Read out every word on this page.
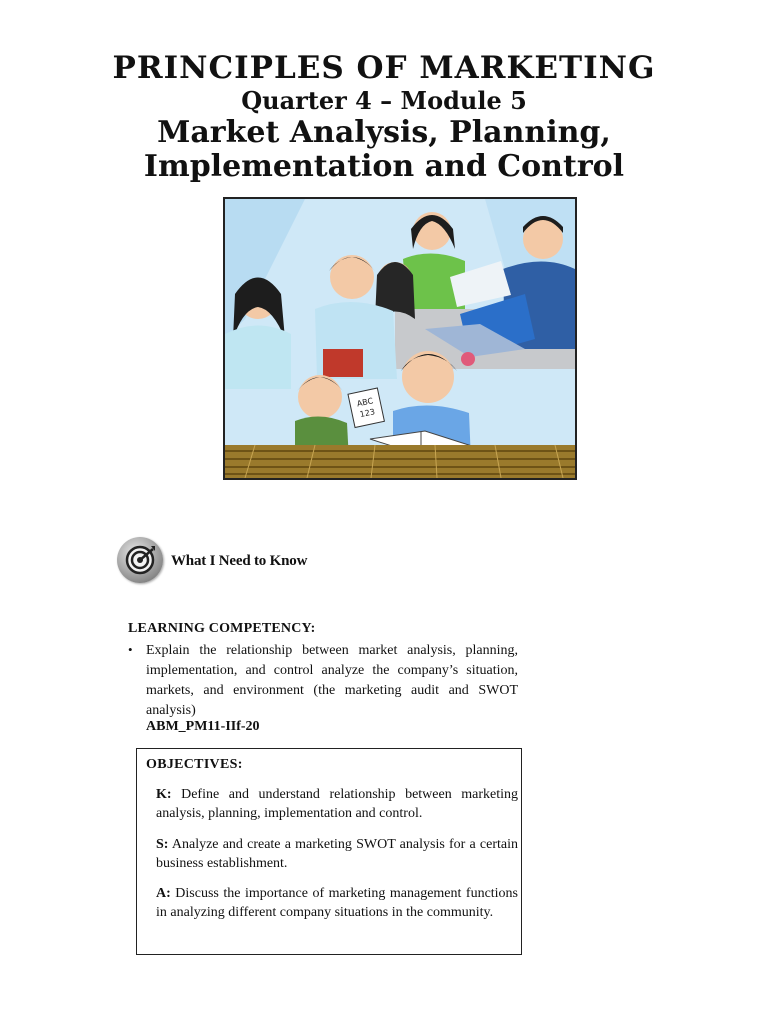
PRINCIPLES OF MARKETING
Quarter 4 – Module 5
Market Analysis, Planning,
Implementation and Control
ABC
123
What I Need to Know
LEARNING COMPETENCY:
• Explain the relationship between market analysis, planning, implementation, and control analyze the company’s situation, markets, and environment (the marketing audit and SWOT analysis)
ABM_PM11-IIf-20
OBJECTIVES:
K: Define and understand relationship between marketing analysis, planning, implementation and control.
S: Analyze and create a marketing SWOT analysis for a certain business establishment.
A: Discuss the importance of marketing management functions in analyzing different company situations in the community.
